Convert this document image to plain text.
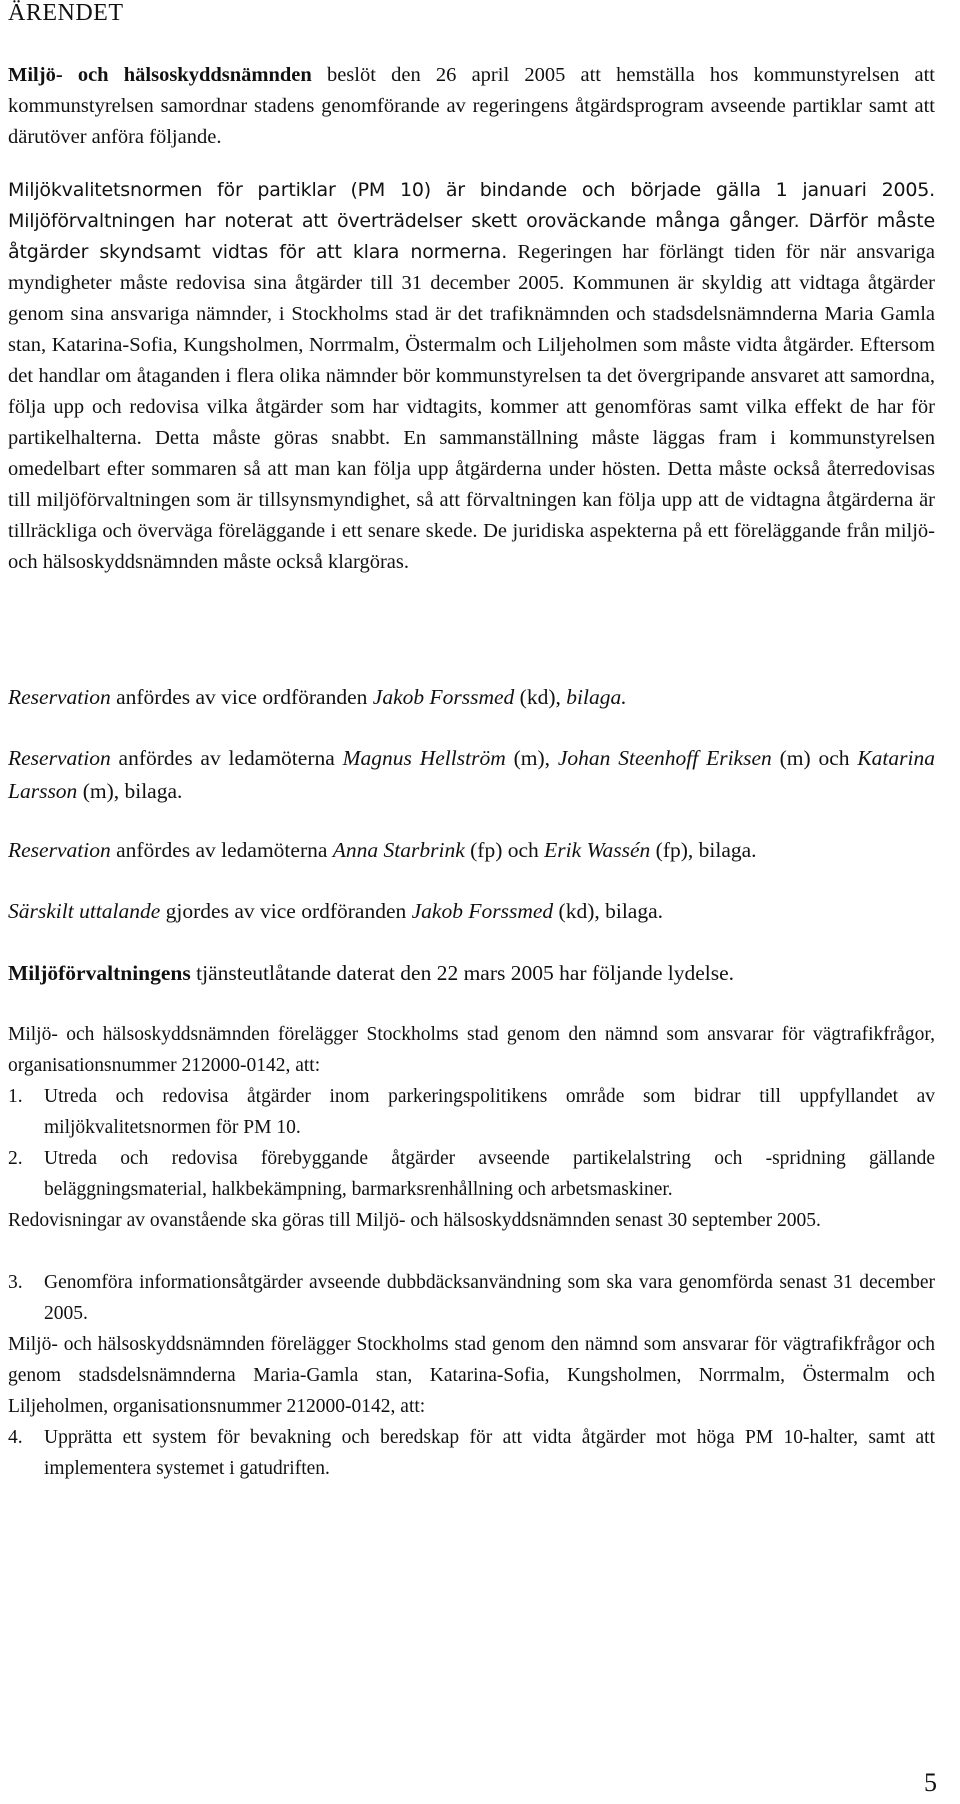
ÄRENDET

Miljö- och hälsoskyddsnämnden beslöt den 26 april 2005 att hemställa hos kommunstyrelsen att kommunstyrelsen samordnar stadens genomförande av regeringens åtgärdsprogram avseende partiklar samt att därutöver anföra följande.

Miljökvalitetsnormen för partiklar (PM 10) är bindande och började gälla 1 januari 2005. Miljöförvaltningen har noterat att överträdelser skett oroväckande många gånger. Därför måste åtgärder skyndsamt vidtas för att klara normerna. Regeringen har förlängt tiden för när ansvariga myndigheter måste redovisa sina åtgärder till 31 december 2005. Kommunen är skyldig att vidtaga åtgärder genom sina ansvariga nämnder, i Stockholms stad är det trafiknämnden och stadsdelsnämnderna Maria Gamla stan, Katarina-Sofia, Kungsholmen, Norrmalm, Östermalm och Liljeholmen som måste vidta åtgärder. Eftersom det handlar om åtaganden i flera olika nämnder bör kommunstyrelsen ta det övergripande ansvaret att samordna, följa upp och redovisa vilka åtgärder som har vidtagits, kommer att genomföras samt vilka effekt de har för partikelhalterna. Detta måste göras snabbt. En sammanställning måste läggas fram i kommunstyrelsen omedelbart efter sommaren så att man kan följa upp åtgärderna under hösten. Detta måste också återredovisas till miljöförvaltningen som är tillsynsmyndighet, så att förvaltningen kan följa upp att de vidtagna åtgärderna är tillräckliga och överväga föreläggande i ett senare skede. De juridiska aspekterna på ett föreläggande från miljö- och hälsoskyddsnämnden måste också klargöras.

Reservation anfördes av vice ordföranden Jakob Forssmed (kd), bilaga.

Reservation anfördes av ledamöterna Magnus Hellström (m), Johan Steenhoff Eriksen (m) och Katarina Larsson (m), bilaga.

Reservation anfördes av ledamöterna Anna Starbrink (fp) och Erik Wassén (fp), bilaga.

Särskilt uttalande gjordes av vice ordföranden Jakob Forssmed (kd), bilaga.

Miljöförvaltningens tjänsteutlåtande daterat den 22 mars 2005 har följande lydelse.

Miljö- och hälsoskyddsnämnden förelägger Stockholms stad genom den nämnd som ansvarar för vägtrafikfrågor, organisationsnummer 212000-0142, att:

1. Utreda och redovisa åtgärder inom parkeringspolitikens område som bidrar till uppfyllandet av miljökvalitetsnormen för PM 10.
2. Utreda och redovisa förebyggande åtgärder avseende partikelalstring och -spridning gällande beläggningsmaterial, halkbekämpning, barmarksrenhållning och arbetsmaskiner.

Redovisningar av ovanstående ska göras till Miljö- och hälsoskyddsnämnden senast 30 september 2005.

3. Genomföra informationsåtgärder avseende dubbdäcksanvändning som ska vara genomförda senast 31 december 2005.

Miljö- och hälsoskyddsnämnden förelägger Stockholms stad genom den nämnd som ansvarar för vägtrafikfrågor och genom stadsdelsnämnderna Maria-Gamla stan, Katarina-Sofia, Kungsholmen, Norrmalm, Östermalm och Liljeholmen, organisationsnummer 212000-0142, att:

4. Upprätta ett system för bevakning och beredskap för att vidta åtgärder mot höga PM 10-halter, samt att implementera systemet i gatudriften.
5
